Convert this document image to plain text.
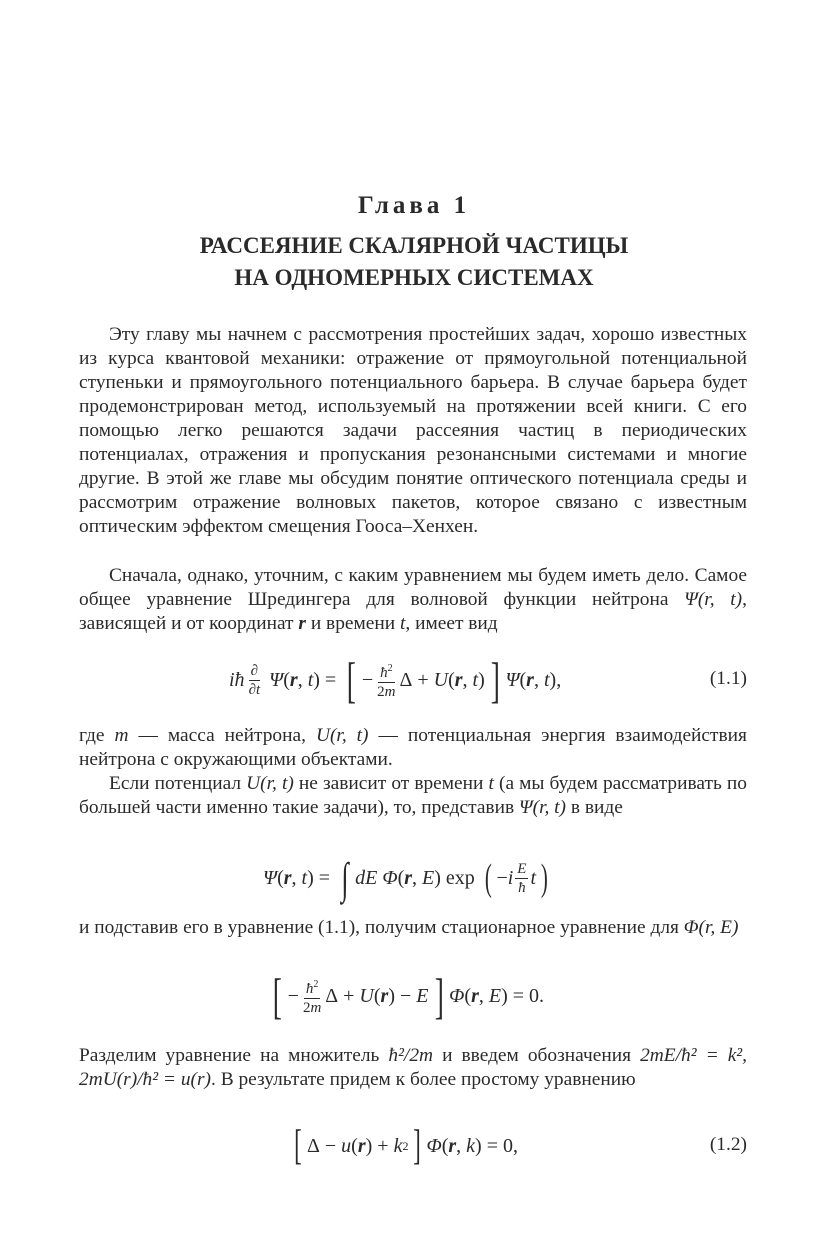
Глава 1
РАССЕЯНИЕ СКАЛЯРНОЙ ЧАСТИЦЫ
НА ОДНОМЕРНЫХ СИСТЕМАХ

Эту главу мы начнем с рассмотрения простейших задач, хорошо известных из курса квантовой механики: отражение от прямоугольной потенциальной ступеньки и прямоугольного потенциального барьера. В случае барьера будет продемонстрирован метод, используемый на протяжении всей книги. С его помощью легко решаются задачи рассеяния частиц в периодических потенциалах, отражения и пропускания резонансными системами и многие другие. В этой же главе мы обсудим понятие оптического потенциала среды и рассмотрим отражение волновых пакетов, которое связано с известным оптическим эффектом смещения Гооса–Хенхен.

Сначала, однако, уточним, с каким уравнением мы будем иметь дело. Самое общее уравнение Шредингера для волновой функции нейтрона Ψ(r, t), зависящей и от координат r и времени t, имеет вид

iħ $\frac{\partial}{\partial t}$ Ψ ( r , t ) = [ − $\frac{ħ^2}{2m}$ Δ + U ( r , t ) ] Ψ ( r , t ),	(1.1)

где m — масса нейтрона, U(r, t) — потенциальная энергия взаимодействия нейтрона с окружающими объектами.

Если потенциал U(r, t) не зависит от времени t (а мы будем рассматривать по большей части именно такие задачи), то, представив Ψ(r, t) в виде

Ψ ( r , t ) = ∫ dE Φ ( r , E ) exp ( − i $\frac{E}{ħ}$ t )

и подставив его в уравнение (1.1), получим стационарное уравнение для Φ(r, E)

[ − $\frac{ħ^2}{2m}$ Δ + U ( r ) − E ] Φ ( r , E ) = 0.

Разделим уравнение на множитель ħ²/2m и введем обозначения 2mE/ħ² = k², 2mU(r)/ħ² = u(r). В результате придем к более простому уравнению

[ Δ − u ( r ) + k 2 ] Φ ( r , k ) = 0,	(1.2)
